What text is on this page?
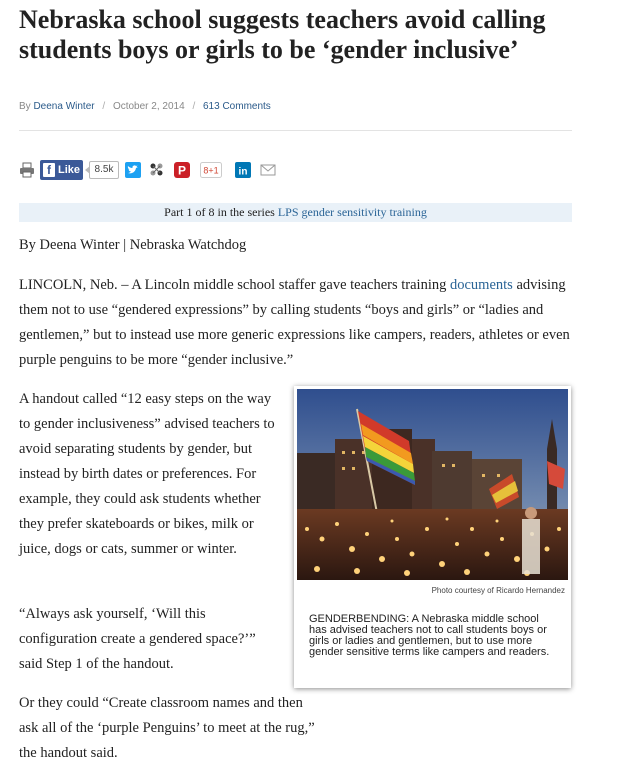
Nebraska school suggests teachers avoid calling students boys or girls to be ‘gender inclusive’
By Deena Winter / October 2, 2014 / 613 Comments
f Like	8.5k	P 8+1 in
Part 1 of 8 in the series LPS gender sensitivity training

By Deena Winter | Nebraska Watchdog

LINCOLN, Neb. – A Lincoln middle school staffer gave teachers training documents advising them not to use “gendered expressions” by calling students “boys and girls” or “ladies and gentlemen,” but to instead use more generic expressions like campers, readers, athletes or even purple penguins to be more “gender inclusive.”

A handout called “12 easy steps on the way to gender inclusiveness” advised teachers to avoid separating students by gender, but instead by birth dates or preferences. For example, they could ask students whether they prefer skateboards or bikes, milk or juice, dogs or cats, summer or winter.

“Always ask yourself, ‘Will this configuration create a gendered space?’” said Step 1 of the handout.

Or they could “Create classroom names and then ask all of the ‘purple Penguins’ to meet at the rug,” the handout said.

Photo courtesy of Ricardo Hernandez
GENDERBENDING: A Nebraska middle school has advised teachers not to call students boys or girls or ladies and gentlemen, but to use more gender sensitive terms like campers and readers.
